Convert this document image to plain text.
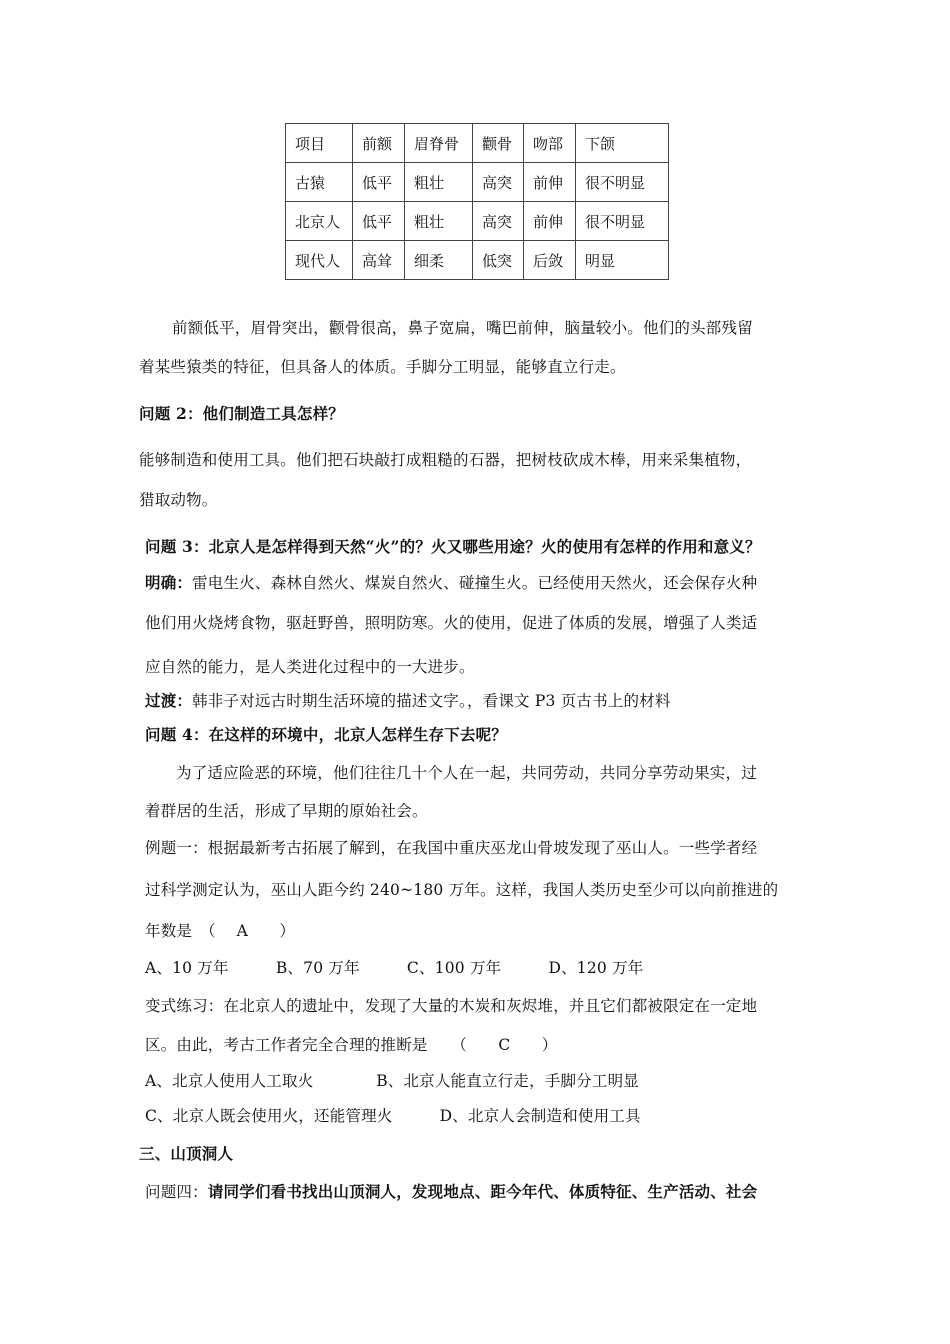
项目	前额	眉脊骨	颧骨	吻部	下颌
古猿	低平	粗壮	高突	前伸	很不明显
北京人	低平	粗壮	高突	前伸	很不明显
现代人	高耸	细柔	低突	后敛	明显
前额低平，眉骨突出，颧骨很高，鼻子宽扁，嘴巴前伸，脑量较小。他们的头部残留
着某些猿类的特征，但具备人的体质。手脚分工明显，能够直立行走。
问题 2：他们制造工具怎样？
能够制造和使用工具。他们把石块敲打成粗糙的石器，把树枝砍成木棒，用来采集植物，
猎取动物。
问题 3：北京人是怎样得到天然“火”的？火又哪些用途？火的使用有怎样的作用和意义？
明确：雷电生火、森林自然火、煤炭自然火、碰撞生火。已经使用天然火，还会保存火种
他们用火烧烤食物，驱赶野兽，照明防寒。火的使用，促进了体质的发展，增强了人类适
应自然的能力，是人类进化过程中的一大进步。
过渡：韩非子对远古时期生活环境的描述文字。，看课文 P3 页古书上的材料
问题 4：在这样的环境中，北京人怎样生存下去呢？
为了适应险恶的环境，他们往往几十个人在一起，共同劳动，共同分享劳动果实，过
着群居的生活，形成了早期的原始社会。
例题一：根据最新考古拓展了解到，在我国中重庆巫龙山骨坡发现了巫山人。一些学者经
过科学测定认为，巫山人距今约 240~180 万年。这样，我国人类历史至少可以向前推进的
年数是　（　 A　　）
A、10 万年　　　B、70 万年　　　C、100 万年　　　D、120 万年
变式练习：在北京人的遗址中，发现了大量的木炭和灰烬堆，并且它们都被限定在一定地
区。由此，考古工作者完全合理的推断是　　（　　C　　）
A、北京人使用人工取火　　　　B、北京人能直立行走，手脚分工明显
C、北京人既会使用火，还能管理火　　　D、北京人会制造和使用工具
三、山顶洞人
问题四：请同学们看书找出山顶洞人，发现地点、距今年代、体质特征、生产活动、社会
